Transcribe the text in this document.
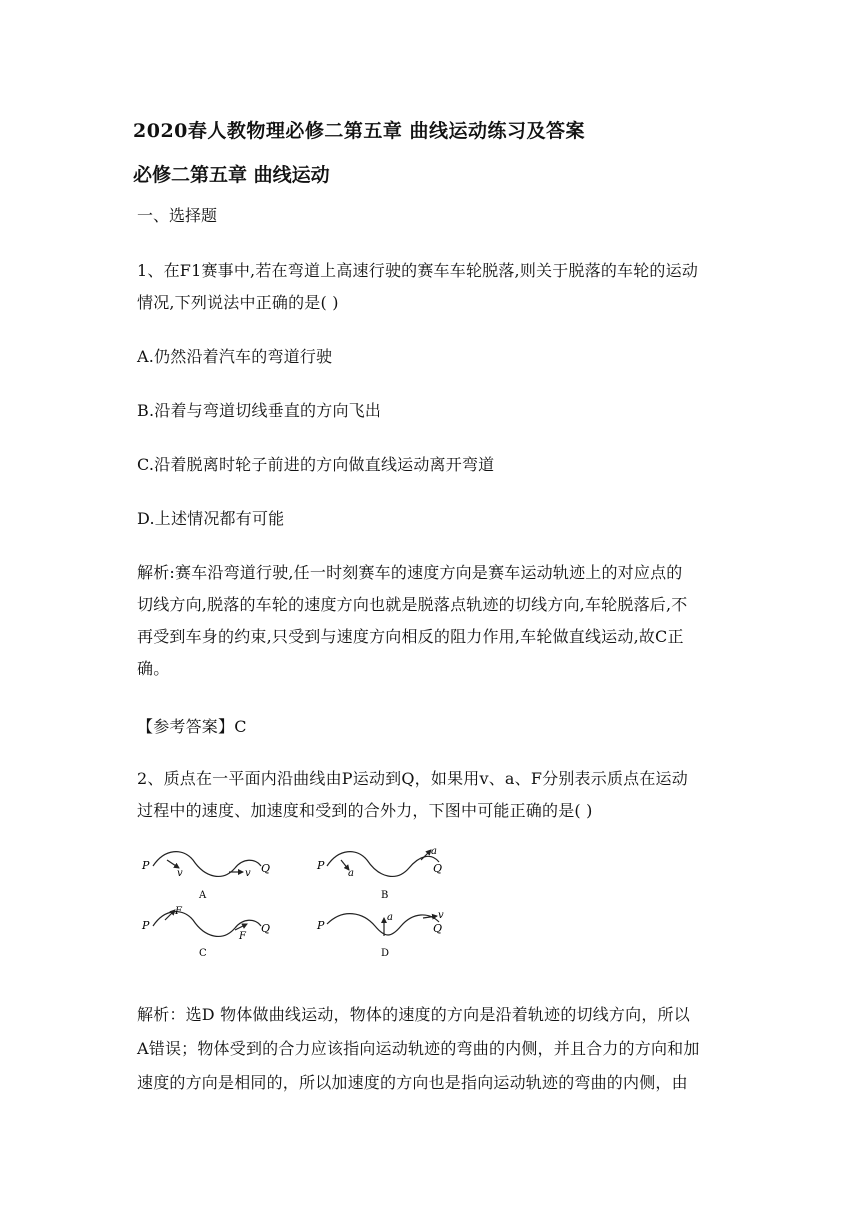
2020春人教物理必修二第五章 曲线运动练习及答案
必修二第五章 曲线运动
一、选择题
1、在F1赛事中,若在弯道上高速行驶的赛车车轮脱落,则关于脱落的车轮的运动
情况,下列说法中正确的是( )
A.仍然沿着汽车的弯道行驶
B.沿着与弯道切线垂直的方向飞出
C.沿着脱离时轮子前进的方向做直线运动离开弯道
D.上述情况都有可能
解析:赛车沿弯道行驶,任一时刻赛车的速度方向是赛车运动轨迹上的对应点的
切线方向,脱落的车轮的速度方向也就是脱落点轨迹的切线方向,车轮脱落后,不
再受到车身的约束,只受到与速度方向相反的阻力作用,车轮做直线运动,故C正
确。
【参考答案】C
2、质点在一平面内沿曲线由P运动到Q，如果用v、a、F分别表示质点在运动
过程中的速度、加速度和受到的合外力，下图中可能正确的是( )
P
v	v Q
A
P
a
a
Q
B
P
F
F
Q
C
P
a	v
Q
D
解析：选D 物体做曲线运动，物体的速度的方向是沿着轨迹的切线方向，所以
A错误；物体受到的合力应该指向运动轨迹的弯曲的内侧，并且合力的方向和加
速度的方向是相同的，所以加速度的方向也是指向运动轨迹的弯曲的内侧，由
